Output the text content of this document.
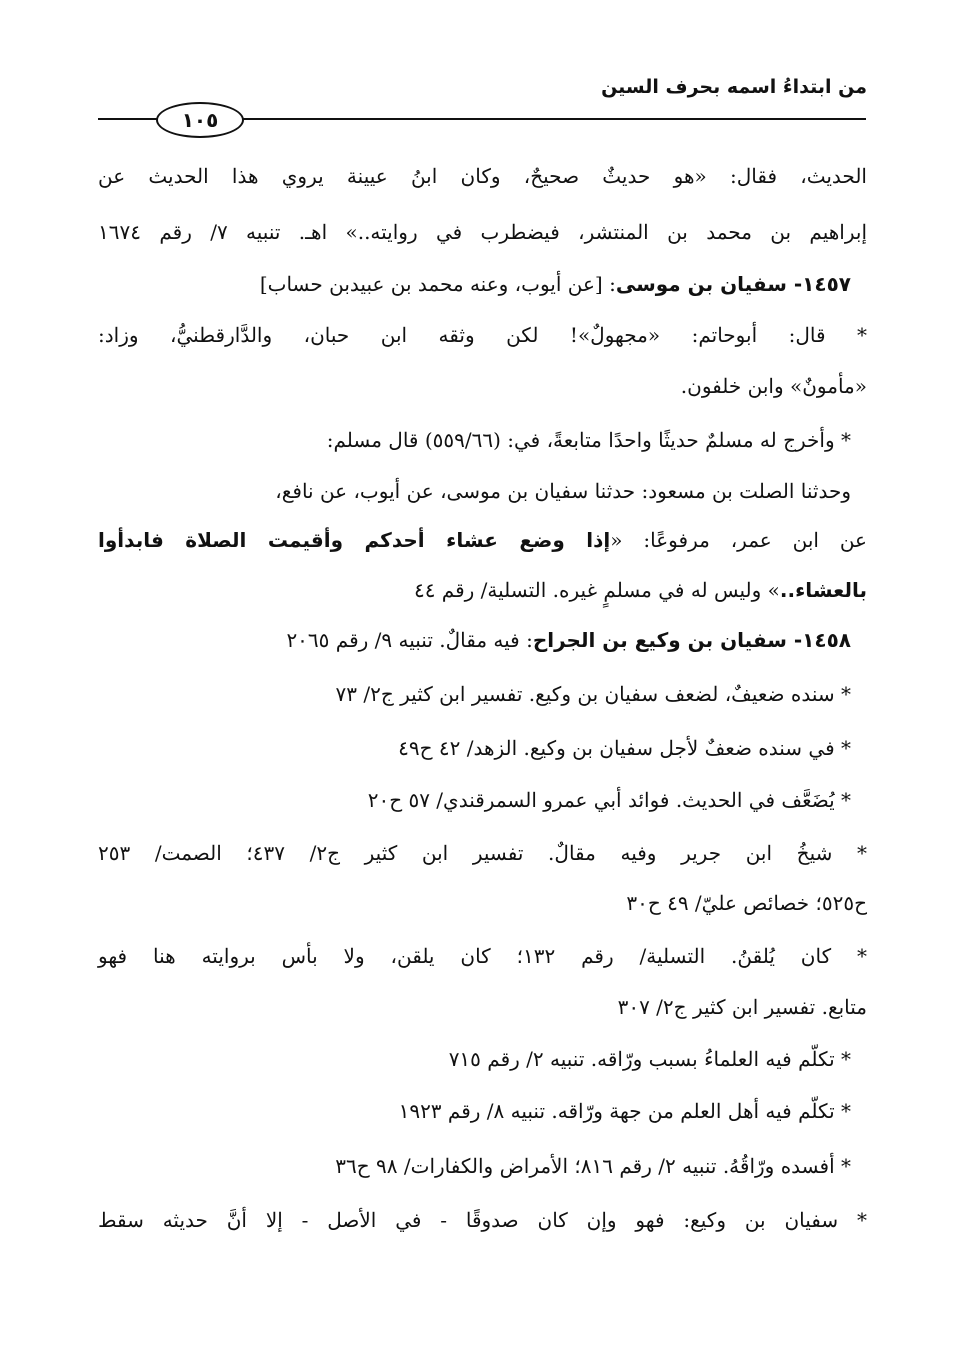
من ابتداءُ اسمه بحرف السين
١٠٥
الحديث، فقال: «هو حديثٌ صحيحٌ، وكان ابنُ عيينة يروي هذا الحديث عن
إبراهيم بن محمد بن المنتشر، فيضطرب في روايته..» اهـ. تنبيه ٧/ رقم ١٦٧٤
١٤٥٧- سفيان بن موسى: [عن أيوب، وعنه محمد بن عبيدبن حساب]
* قال: أبوحاتم: «مجهولٌ»! لكن وثقه ابن حبان، والدَّارقطنيُّ، وزاد:
«مأمونٌ» وابن خلفون.
* وأخرج له مسلمٌ حديثًا واحدًا متابعةً، في: (٥٥٩/٦٦) قال مسلم:
وحدثنا الصلت بن مسعود: حدثنا سفيان بن موسى، عن أيوب، عن نافع،
عن ابن عمر، مرفوعًا: «إذا وضع عشاء أحدكم وأقيمت الصلاة فابدأوا
بالعشاء..» وليس له في مسلمٍ غيره. التسلية/ رقم ٤٤
١٤٥٨- سفيان بن وكيع بن الجراح: فيه مقالٌ. تنبيه ٩/ رقم ٢٠٦٥
* سنده ضعيفٌ، لضعف سفيان بن وكيع. تفسير ابن كثير ج٢/ ٧٣
* في سنده ضعفٌ لأجل سفيان بن وكيع. الزهد/ ٤٢ ح٤٩
* يُضَعَّف في الحديث. فوائد أبي عمرو السمرقندي/ ٥٧ ح٢٠
* شيخُ ابن جرير وفيه مقالٌ. تفسير ابن كثير ج٢/ ٤٣٧؛ الصمت/ ٢٥٣
ح٥٢٥؛ خصائص عليّ/ ٤٩ ح٣٠
* كان يُلقنُ. التسلية/ رقم ١٣٢؛ كان يلقن، ولا بأس بروايته هنا فهو
متابع. تفسير ابن كثير ج٢/ ٣٠٧
* تكلّم فيه العلماءُ بسبب ورّاقه. تنبيه ٢/ رقم ٧١٥
* تكلّم فيه أهل العلم من جهة ورّاقه. تنبيه ٨/ رقم ١٩٢٣
* أفسده ورّاقُهُ. تنبيه ٢/ رقم ٨١٦؛ الأمراض والكفارات/ ٩٨ ح٣٦
* سفيان بن وكيع: فهو وإن كان صدوقًا - في الأصل - إلا أنَّ حديثه سقط
